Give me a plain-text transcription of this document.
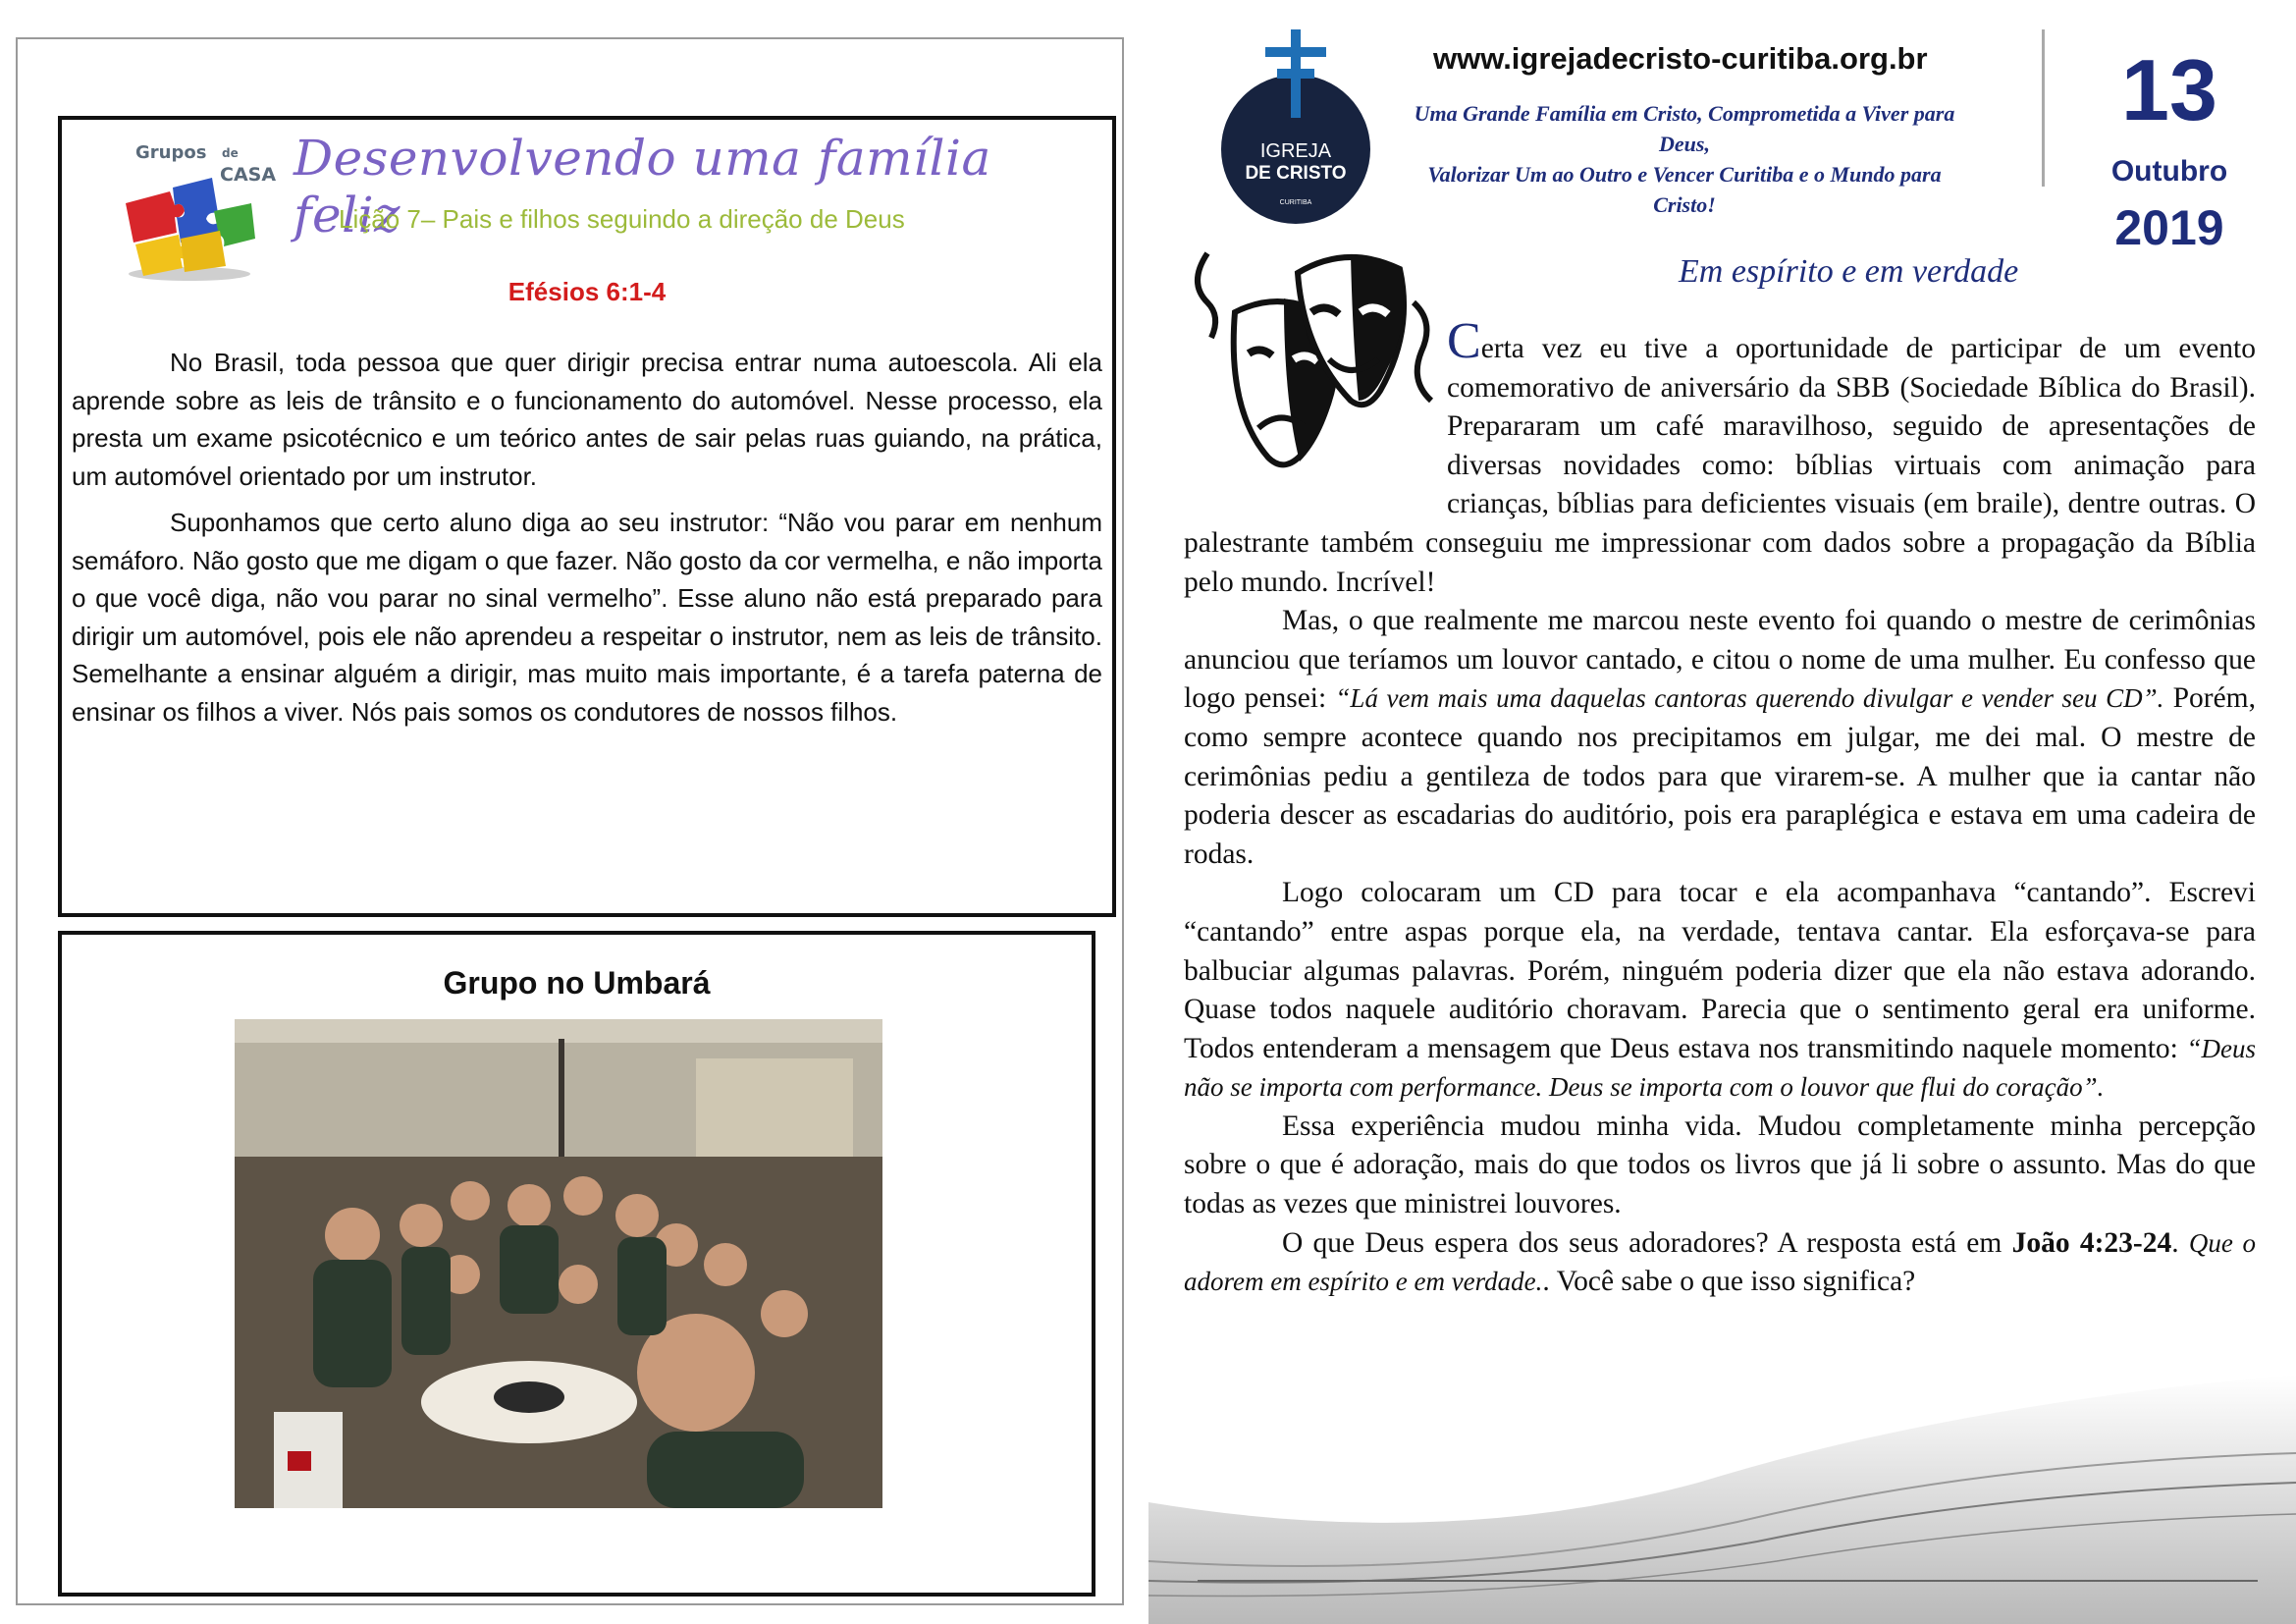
Grupos de
CASA Desenvolvendo uma família feliz
Lição 7– Pais e filhos seguindo a direção de Deus
Efésios 6:1-4

No Brasil, toda pessoa que quer dirigir precisa entrar numa autoescola. Ali ela aprende sobre as leis de trânsito e o funcionamento do automóvel. Nesse processo, ela presta um exame psicotécnico e um teórico antes de sair pelas ruas guiando, na prática, um automóvel orientado por um instrutor.

Suponhamos que certo aluno diga ao seu instrutor: “Não vou parar em nenhum semáforo. Não gosto que me digam o que fazer. Não gosto da cor vermelha, e não importa o que você diga, não vou parar no sinal vermelho”. Esse aluno não está preparado para dirigir um automóvel, pois ele não aprendeu a respeitar o instrutor, nem as leis de trânsito. Semelhante a ensinar alguém a dirigir, mas muito mais importante, é a tarefa paterna de ensinar os filhos a viver. Nós pais somos os condutores de nossos filhos.

Grupo no Umbará
IGREJA
DE CRISTO
CURITIBA
www.igrejadecristo-curitiba.org.br
Uma Grande Família em Cristo, Comprometida a Viver para Deus,
Valorizar Um ao Outro e Vencer Curitiba e o Mundo para Cristo!
13
Outubro
2019
Em espírito e em verdade

Certa vez eu tive a oportunidade de participar de um evento comemorativo de aniversário da SBB (Sociedade Bíblica do Brasil). Prepararam um café maravilhoso, seguido de apresentações de diversas novidades como: bíblias virtuais com animação para crianças, bíblias para deficientes visuais (em braile), dentre outras. O palestrante também conseguiu me impressionar com dados sobre a propagação da Bíblia pelo mundo. Incrível!

Mas, o que realmente me marcou neste evento foi quando o mestre de cerimônias anunciou que teríamos um louvor cantado, e citou o nome de uma mulher. Eu confesso que logo pensei: “Lá vem mais uma daquelas cantoras querendo divulgar e vender seu CD”. Porém, como sempre acontece quando nos precipitamos em julgar, me dei mal. O mestre de cerimônias pediu a gentileza de todos para que virarem-se. A mulher que ia cantar não poderia descer as escadarias do auditório, pois era paraplégica e estava em uma cadeira de rodas.

Logo colocaram um CD para tocar e ela acompanhava “cantando”. Escrevi “cantando” entre aspas porque ela, na verdade, tentava cantar. Ela esforçava-se para balbuciar algumas palavras. Porém, ninguém poderia dizer que ela não estava adorando. Quase todos naquele auditório choravam. Parecia que o sentimento geral era uniforme. Todos entenderam a mensagem que Deus estava nos transmitindo naquele momento: “Deus não se importa com performance. Deus se importa com o louvor que flui do coração”.

Essa experiência mudou minha vida. Mudou completamente minha percepção sobre o que é adoração, mais do que todos os livros que já li sobre o assunto. Mas do que todas as vezes que ministrei louvores.

O que Deus espera dos seus adoradores? A resposta está em João 4:23-24. Que o adorem em espírito e em verdade.. Você sabe o que isso significa?
